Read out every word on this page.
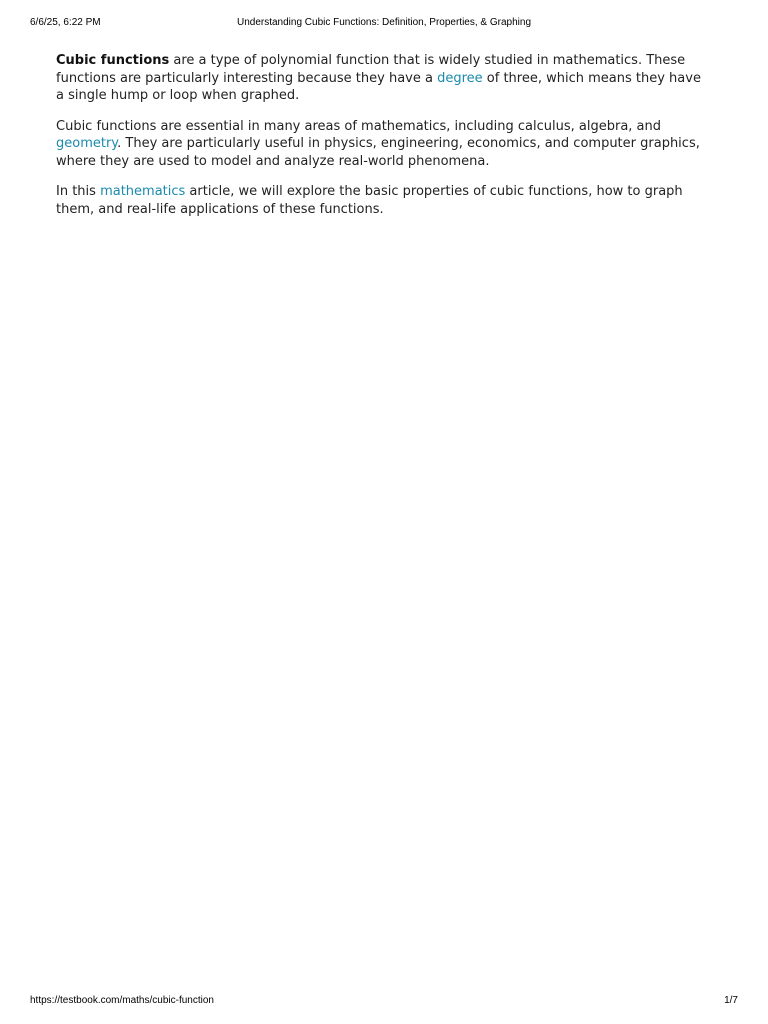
6/6/25, 6:22 PM	Understanding Cubic Functions: Definition, Properties, & Graphing

Cubic functions are a type of polynomial function that is widely studied in mathematics. These functions are particularly interesting because they have a degree of three, which means they have a single hump or loop when graphed.

Cubic functions are essential in many areas of mathematics, including calculus, algebra, and geometry. They are particularly useful in physics, engineering, economics, and computer graphics, where they are used to model and analyze real-world phenomena.

In this mathematics article, we will explore the basic properties of cubic functions, how to graph them, and real-life applications of these functions.

https://testbook.com/maths/cubic-function	1/7
